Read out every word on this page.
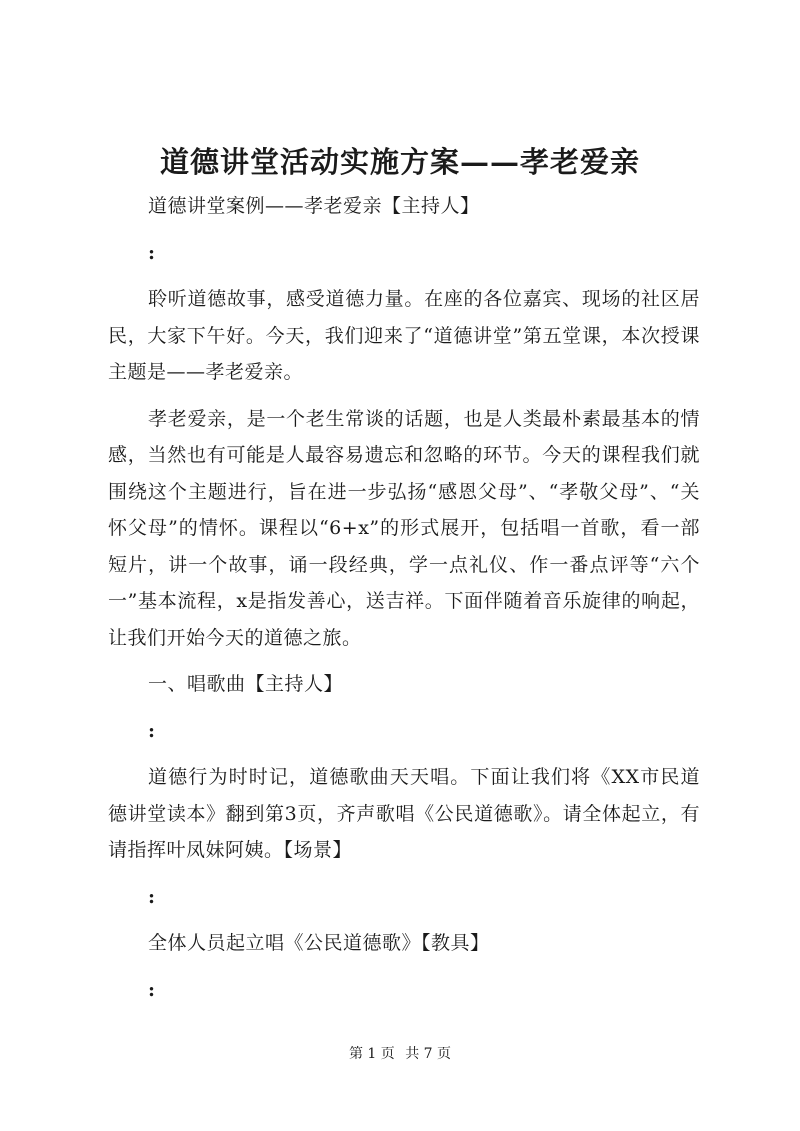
道德讲堂活动实施方案——孝老爱亲

道德讲堂案例——孝老爱亲【主持人】

:

聆听道德故事，感受道德力量。在座的各位嘉宾、现场的社区居民，大家下午好。今天，我们迎来了“道德讲堂”第五堂课，本次授课主题是——孝老爱亲。

孝老爱亲，是一个老生常谈的话题，也是人类最朴素最基本的情感，当然也有可能是人最容易遗忘和忽略的环节。今天的课程我们就围绕这个主题进行，旨在进一步弘扬“感恩父母”、“孝敬父母”、“关怀父母”的情怀。课程以“6+x”的形式展开，包括唱一首歌，看一部短片，讲一个故事，诵一段经典，学一点礼仪、作一番点评等“六个一”基本流程，x是指发善心，送吉祥。下面伴随着音乐旋律的响起，让我们开始今天的道德之旅。

一、唱歌曲【主持人】

:

道德行为时时记，道德歌曲天天唱。下面让我们将《XX市民道德讲堂读本》翻到第3页，齐声歌唱《公民道德歌》。请全体起立，有请指挥叶凤妹阿姨。【场景】

:

全体人员起立唱《公民道德歌》【教具】

:

第 1 页 共 7 页
